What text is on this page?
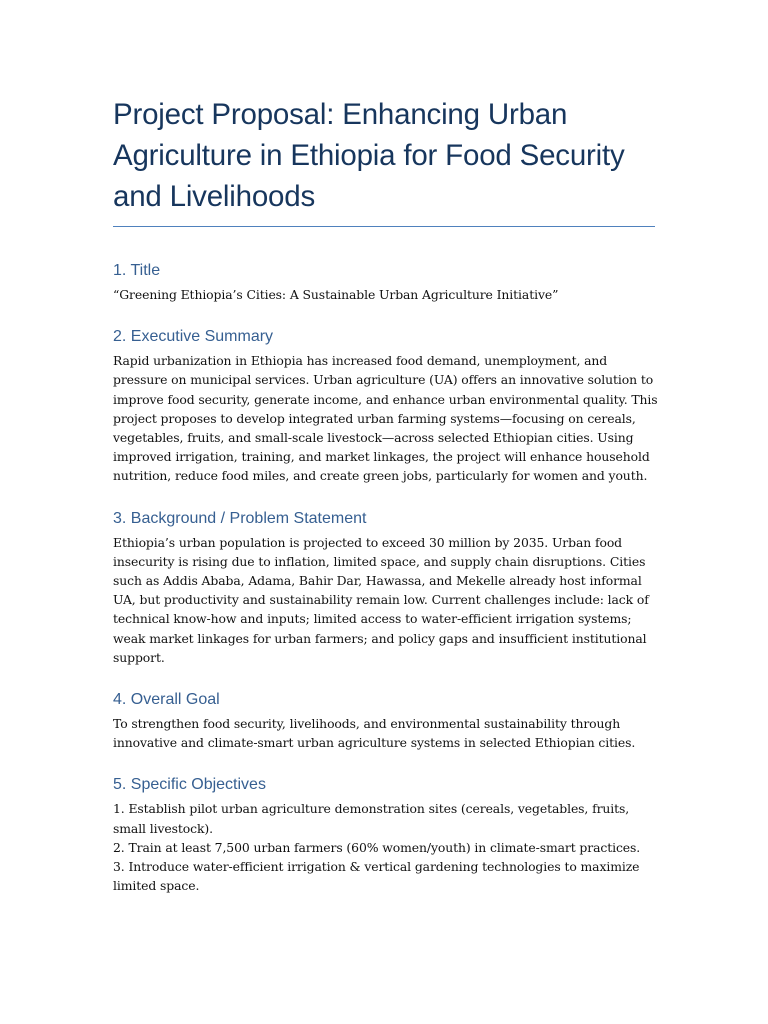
Project Proposal: Enhancing Urban Agriculture in Ethiopia for Food Security and Livelihoods
1. Title

“Greening Ethiopia’s Cities: A Sustainable Urban Agriculture Initiative”

2. Executive Summary

Rapid urbanization in Ethiopia has increased food demand, unemployment, and pressure on municipal services. Urban agriculture (UA) offers an innovative solution to improve food security, generate income, and enhance urban environmental quality. This project proposes to develop integrated urban farming systems—focusing on cereals, vegetables, fruits, and small-scale livestock—across selected Ethiopian cities. Using improved irrigation, training, and market linkages, the project will enhance household nutrition, reduce food miles, and create green jobs, particularly for women and youth.

3. Background / Problem Statement

Ethiopia’s urban population is projected to exceed 30 million by 2035. Urban food insecurity is rising due to inflation, limited space, and supply chain disruptions. Cities such as Addis Ababa, Adama, Bahir Dar, Hawassa, and Mekelle already host informal UA, but productivity and sustainability remain low. Current challenges include: lack of technical know-how and inputs; limited access to water-efficient irrigation systems; weak market linkages for urban farmers; and policy gaps and insufficient institutional support.

4. Overall Goal

To strengthen food security, livelihoods, and environmental sustainability through innovative and climate-smart urban agriculture systems in selected Ethiopian cities.

5. Specific Objectives

1. Establish pilot urban agriculture demonstration sites (cereals, vegetables, fruits, small livestock).
2. Train at least 7,500 urban farmers (60% women/youth) in climate-smart practices.
3. Introduce water-efficient irrigation & vertical gardening technologies to maximize limited space.
